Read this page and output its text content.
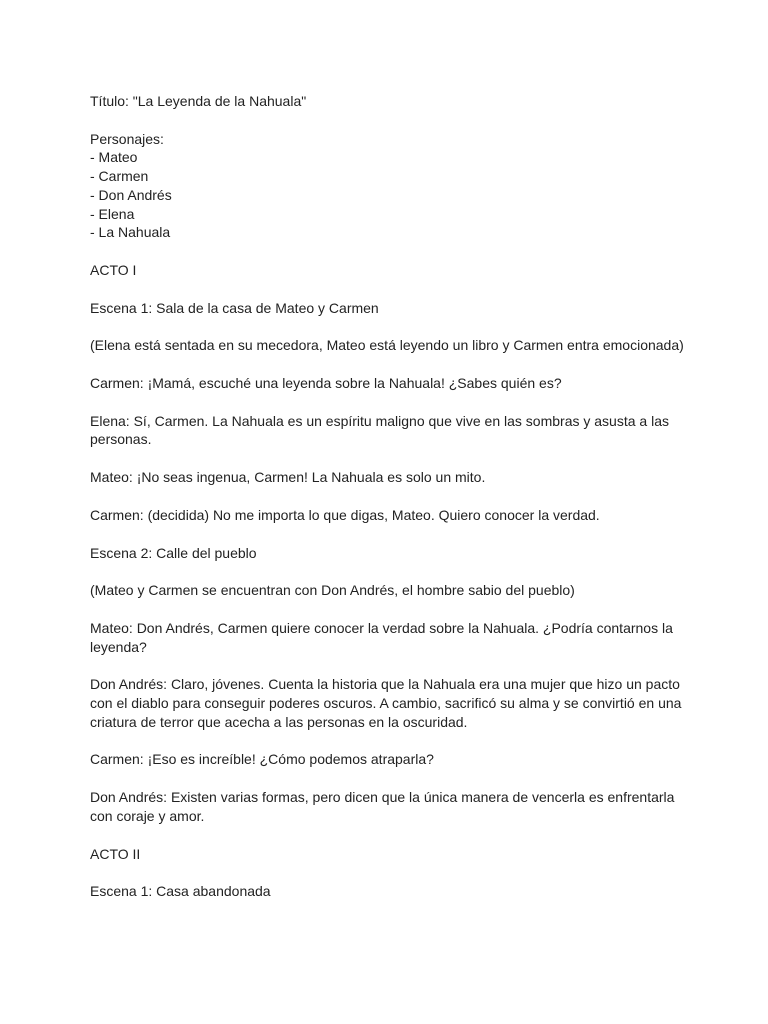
Título: "La Leyenda de la Nahuala"

Personajes:
- Mateo
- Carmen
- Don Andrés
- Elena
- La Nahuala

ACTO I

Escena 1: Sala de la casa de Mateo y Carmen

(Elena está sentada en su mecedora, Mateo está leyendo un libro y Carmen entra emocionada)

Carmen: ¡Mamá, escuché una leyenda sobre la Nahuala! ¿Sabes quién es?

Elena: Sí, Carmen. La Nahuala es un espíritu maligno que vive en las sombras y asusta a las
personas.

Mateo: ¡No seas ingenua, Carmen! La Nahuala es solo un mito.

Carmen: (decidida) No me importa lo que digas, Mateo. Quiero conocer la verdad.

Escena 2: Calle del pueblo

(Mateo y Carmen se encuentran con Don Andrés, el hombre sabio del pueblo)

Mateo: Don Andrés, Carmen quiere conocer la verdad sobre la Nahuala. ¿Podría contarnos la
leyenda?
Don Andrés: Claro, jóvenes. Cuenta la historia que la Nahuala era una mujer que hizo un pacto
con el diablo para conseguir poderes oscuros. A cambio, sacrificó su alma y se convirtió en una
criatura de terror que acecha a las personas en la oscuridad.

Carmen: ¡Eso es increíble! ¿Cómo podemos atraparla?

Don Andrés: Existen varias formas, pero dicen que la única manera de vencerla es enfrentarla
con coraje y amor.

ACTO II

Escena 1: Casa abandonada
